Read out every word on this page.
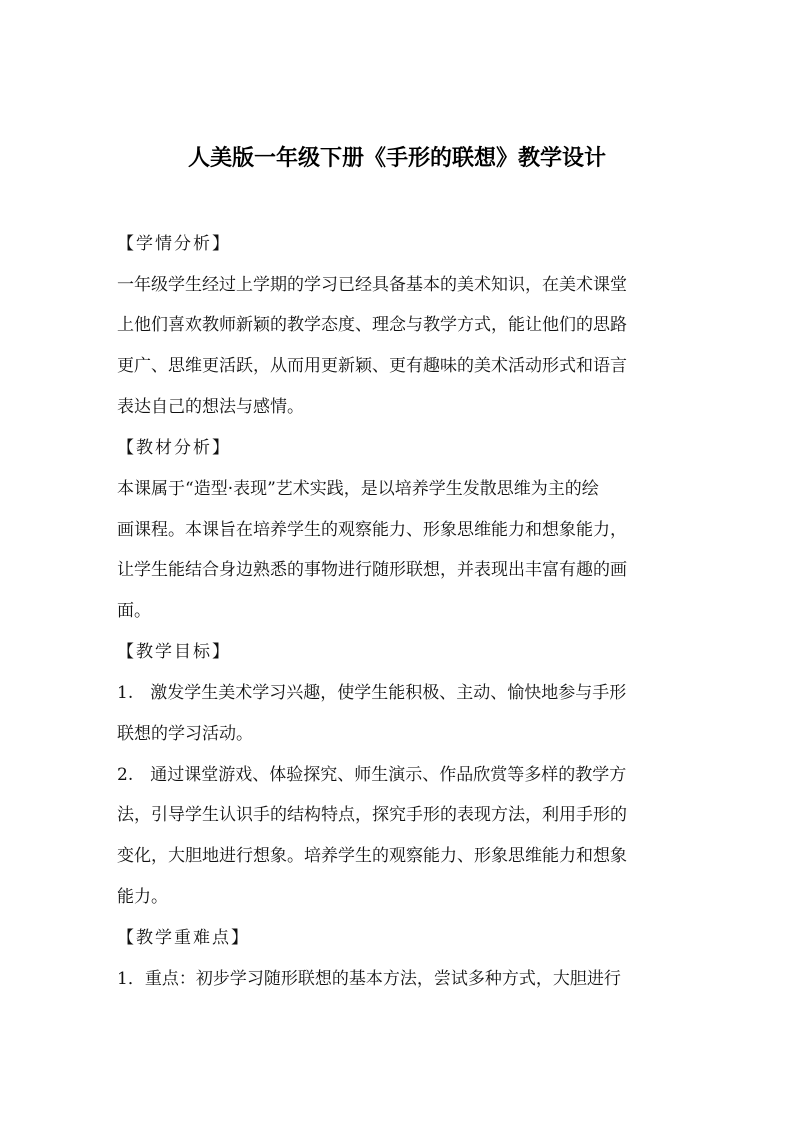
人美版一年级下册《手形的联想》教学设计
【学情分析】
一年级学生经过上学期的学习已经具备基本的美术知识，在美术课堂
上他们喜欢教师新颖的教学态度、理念与教学方式，能让他们的思路
更广、思维更活跃，从而用更新颖、更有趣味的美术活动形式和语言
表达自己的想法与感情。
【教材分析】
本课属于“造型·表现”艺术实践，是以培养学生发散思维为主的绘
画课程。本课旨在培养学生的观察能力、形象思维能力和想象能力，
让学生能结合身边熟悉的事物进行随形联想，并表现出丰富有趣的画
面。
【教学目标】
1.　激发学生美术学习兴趣，使学生能积极、主动、愉快地参与手形
联想的学习活动。
2.　通过课堂游戏、体验探究、师生演示、作品欣赏等多样的教学方
法，引导学生认识手的结构特点，探究手形的表现方法，利用手形的
变化，大胆地进行想象。培养学生的观察能力、形象思维能力和想象
能力。
【教学重难点】
1．重点：初步学习随形联想的基本方法，尝试多种方式，大胆进行
